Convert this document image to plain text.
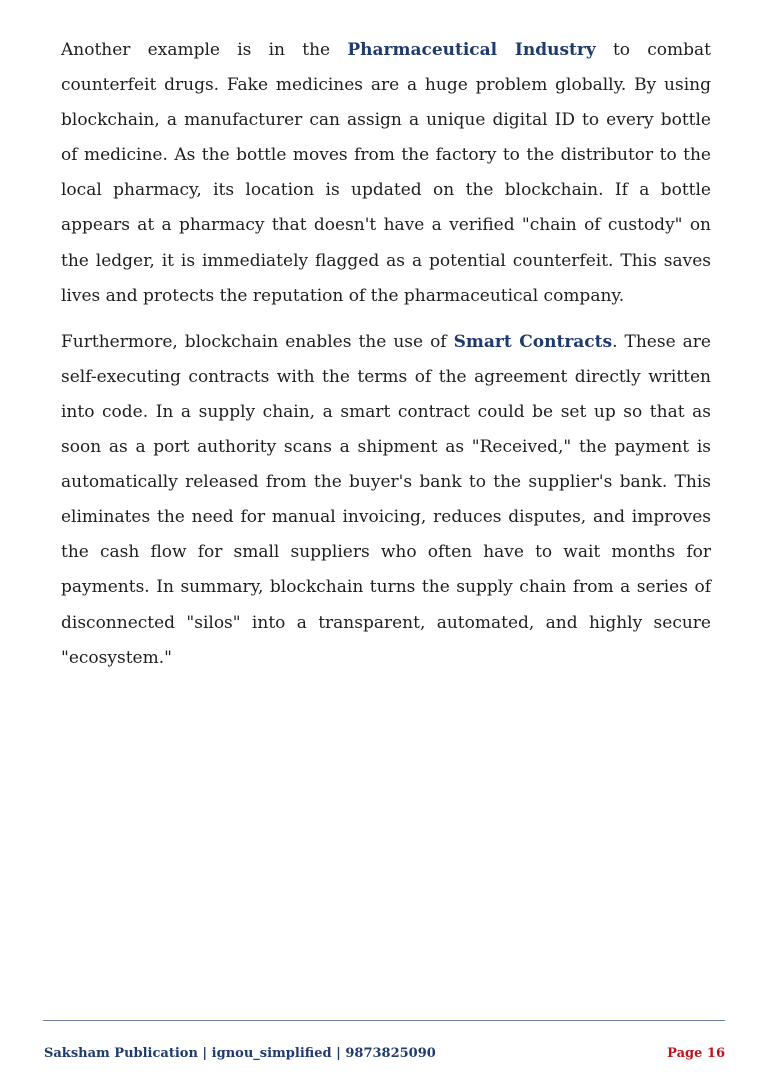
Another example is in the Pharmaceutical Industry to combat counterfeit drugs. Fake medicines are a huge problem globally. By using blockchain, a manufacturer can assign a unique digital ID to every bottle of medicine. As the bottle moves from the factory to the distributor to the local pharmacy, its location is updated on the blockchain. If a bottle appears at a pharmacy that doesn't have a verified "chain of custody" on the ledger, it is immediately flagged as a potential counterfeit. This saves lives and protects the reputation of the pharmaceutical company.

Furthermore, blockchain enables the use of Smart Contracts. These are self-executing contracts with the terms of the agreement directly written into code. In a supply chain, a smart contract could be set up so that as soon as a port authority scans a shipment as "Received," the payment is automatically released from the buyer's bank to the supplier's bank. This eliminates the need for manual invoicing, reduces disputes, and improves the cash flow for small suppliers who often have to wait months for payments. In summary, blockchain turns the supply chain from a series of disconnected "silos" into a transparent, automated, and highly secure "ecosystem."

Saksham Publication | ignou_simplified | 9873825090	Page 16
